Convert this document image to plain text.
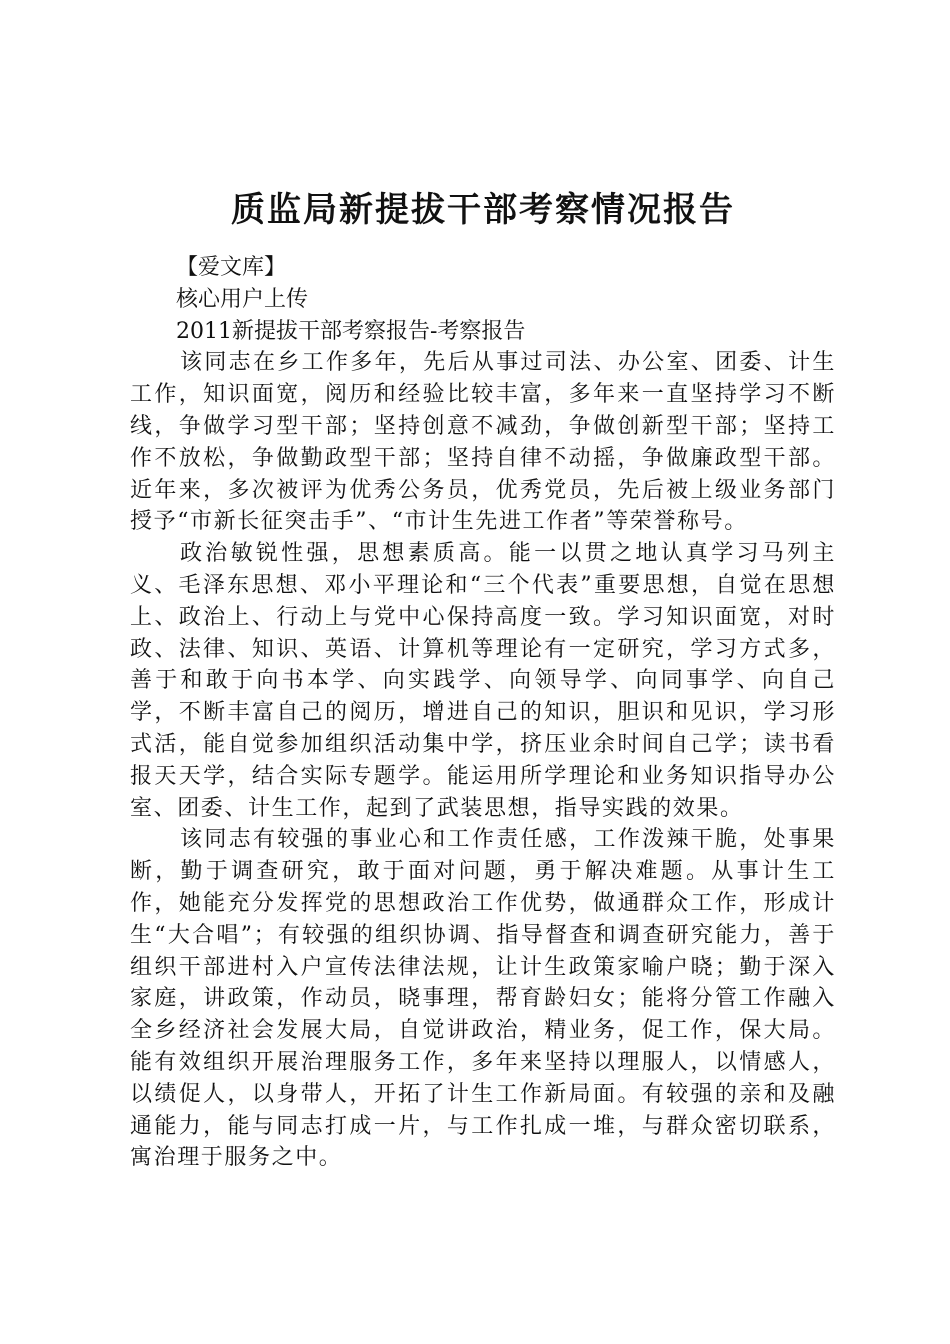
质监局新提拔干部考察情况报告

【爱文库】

核心用户上传

2011新提拔干部考察报告-考察报告

该同志在乡工作多年，先后从事过司法、办公室、团委、计生工作，知识面宽，阅历和经验比较丰富，多年来一直坚持学习不断线，争做学习型干部；坚持创意不减劲，争做创新型干部；坚持工作不放松，争做勤政型干部；坚持自律不动摇，争做廉政型干部。近年来，多次被评为优秀公务员，优秀党员，先后被上级业务部门授予“市新长征突击手”、“市计生先进工作者”等荣誉称号。

政治敏锐性强，思想素质高。能一以贯之地认真学习马列主义、毛泽东思想、邓小平理论和“三个代表”重要思想，自觉在思想上、政治上、行动上与党中心保持高度一致。学习知识面宽，对时政、法律、知识、英语、计算机等理论有一定研究，学习方式多，善于和敢于向书本学、向实践学、向领导学、向同事学、向自己学，不断丰富自己的阅历，增进自己的知识，胆识和见识，学习形式活，能自觉参加组织活动集中学，挤压业余时间自己学；读书看报天天学，结合实际专题学。能运用所学理论和业务知识指导办公室、团委、计生工作，起到了武装思想，指导实践的效果。

该同志有较强的事业心和工作责任感，工作泼辣干脆，处事果断，勤于调查研究，敢于面对问题，勇于解决难题。从事计生工作，她能充分发挥党的思想政治工作优势，做通群众工作，形成计生“大合唱”；有较强的组织协调、指导督查和调查研究能力，善于组织干部进村入户宣传法律法规，让计生政策家喻户晓；勤于深入家庭，讲政策，作动员，晓事理，帮育龄妇女；能将分管工作融入全乡经济社会发展大局，自觉讲政治，精业务，促工作，保大局。能有效组织开展治理服务工作，多年来坚持以理服人，以情感人，以绩促人，以身带人，开拓了计生工作新局面。有较强的亲和及融通能力，能与同志打成一片，与工作扎成一堆，与群众密切联系，寓治理于服务之中。
